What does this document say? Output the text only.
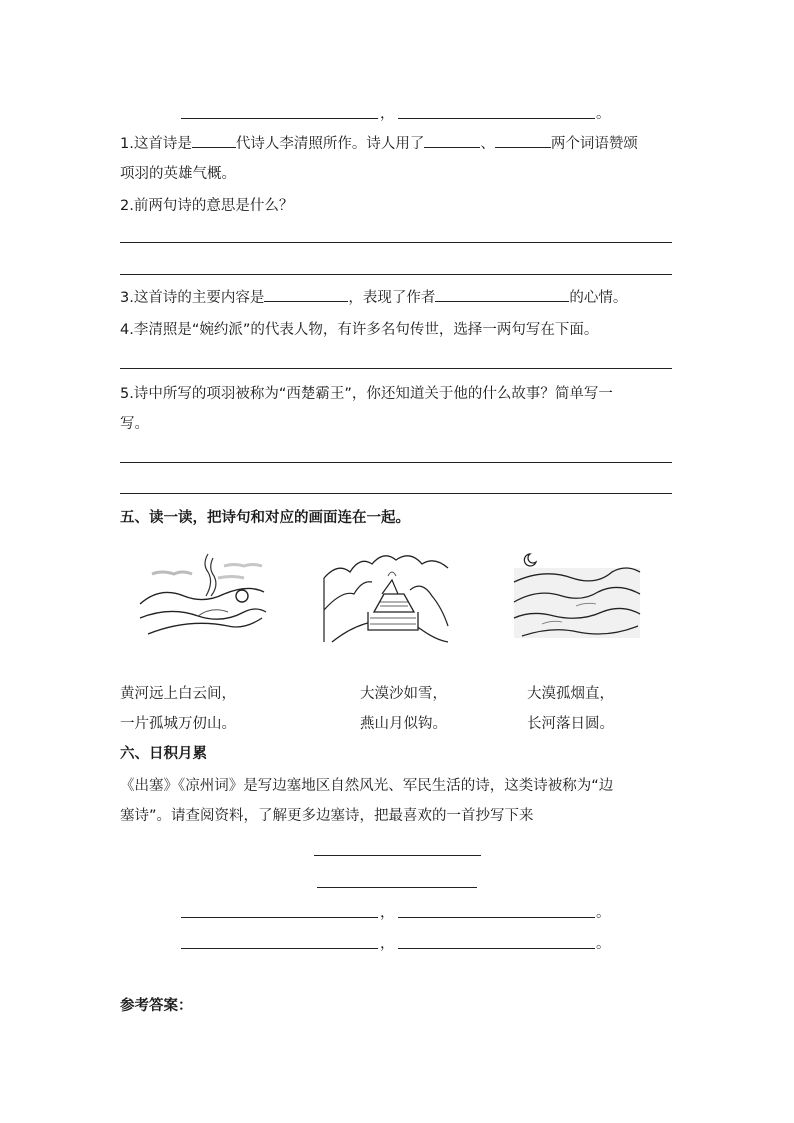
，	。
1.这首诗是	代诗人李清照所作。诗人用了	、	两个词语赞颂
项羽的英雄气概。
2.前两句诗的意思是什么？
3.这首诗的主要内容是	，表现了作者	的心情。
4.李清照是“婉约派”的代表人物，有许多名句传世，选择一两句写在下面。
5.诗中所写的项羽被称为“西楚霸王”，你还知道关于他的什么故事？简单写一
写。
五、读一读，把诗句和对应的画面连在一起。
黄河远上白云间，
一片孤城万仞山。
大漠沙如雪，
燕山月似钩。
大漠孤烟直，
长河落日圆。
六、日积月累
《出塞》《凉州词》是写边塞地区自然风光、军民生活的诗，这类诗被称为“边
塞诗”。请查阅资料，了解更多边塞诗，把最喜欢的一首抄写下来
，	。
，	。
参考答案：
